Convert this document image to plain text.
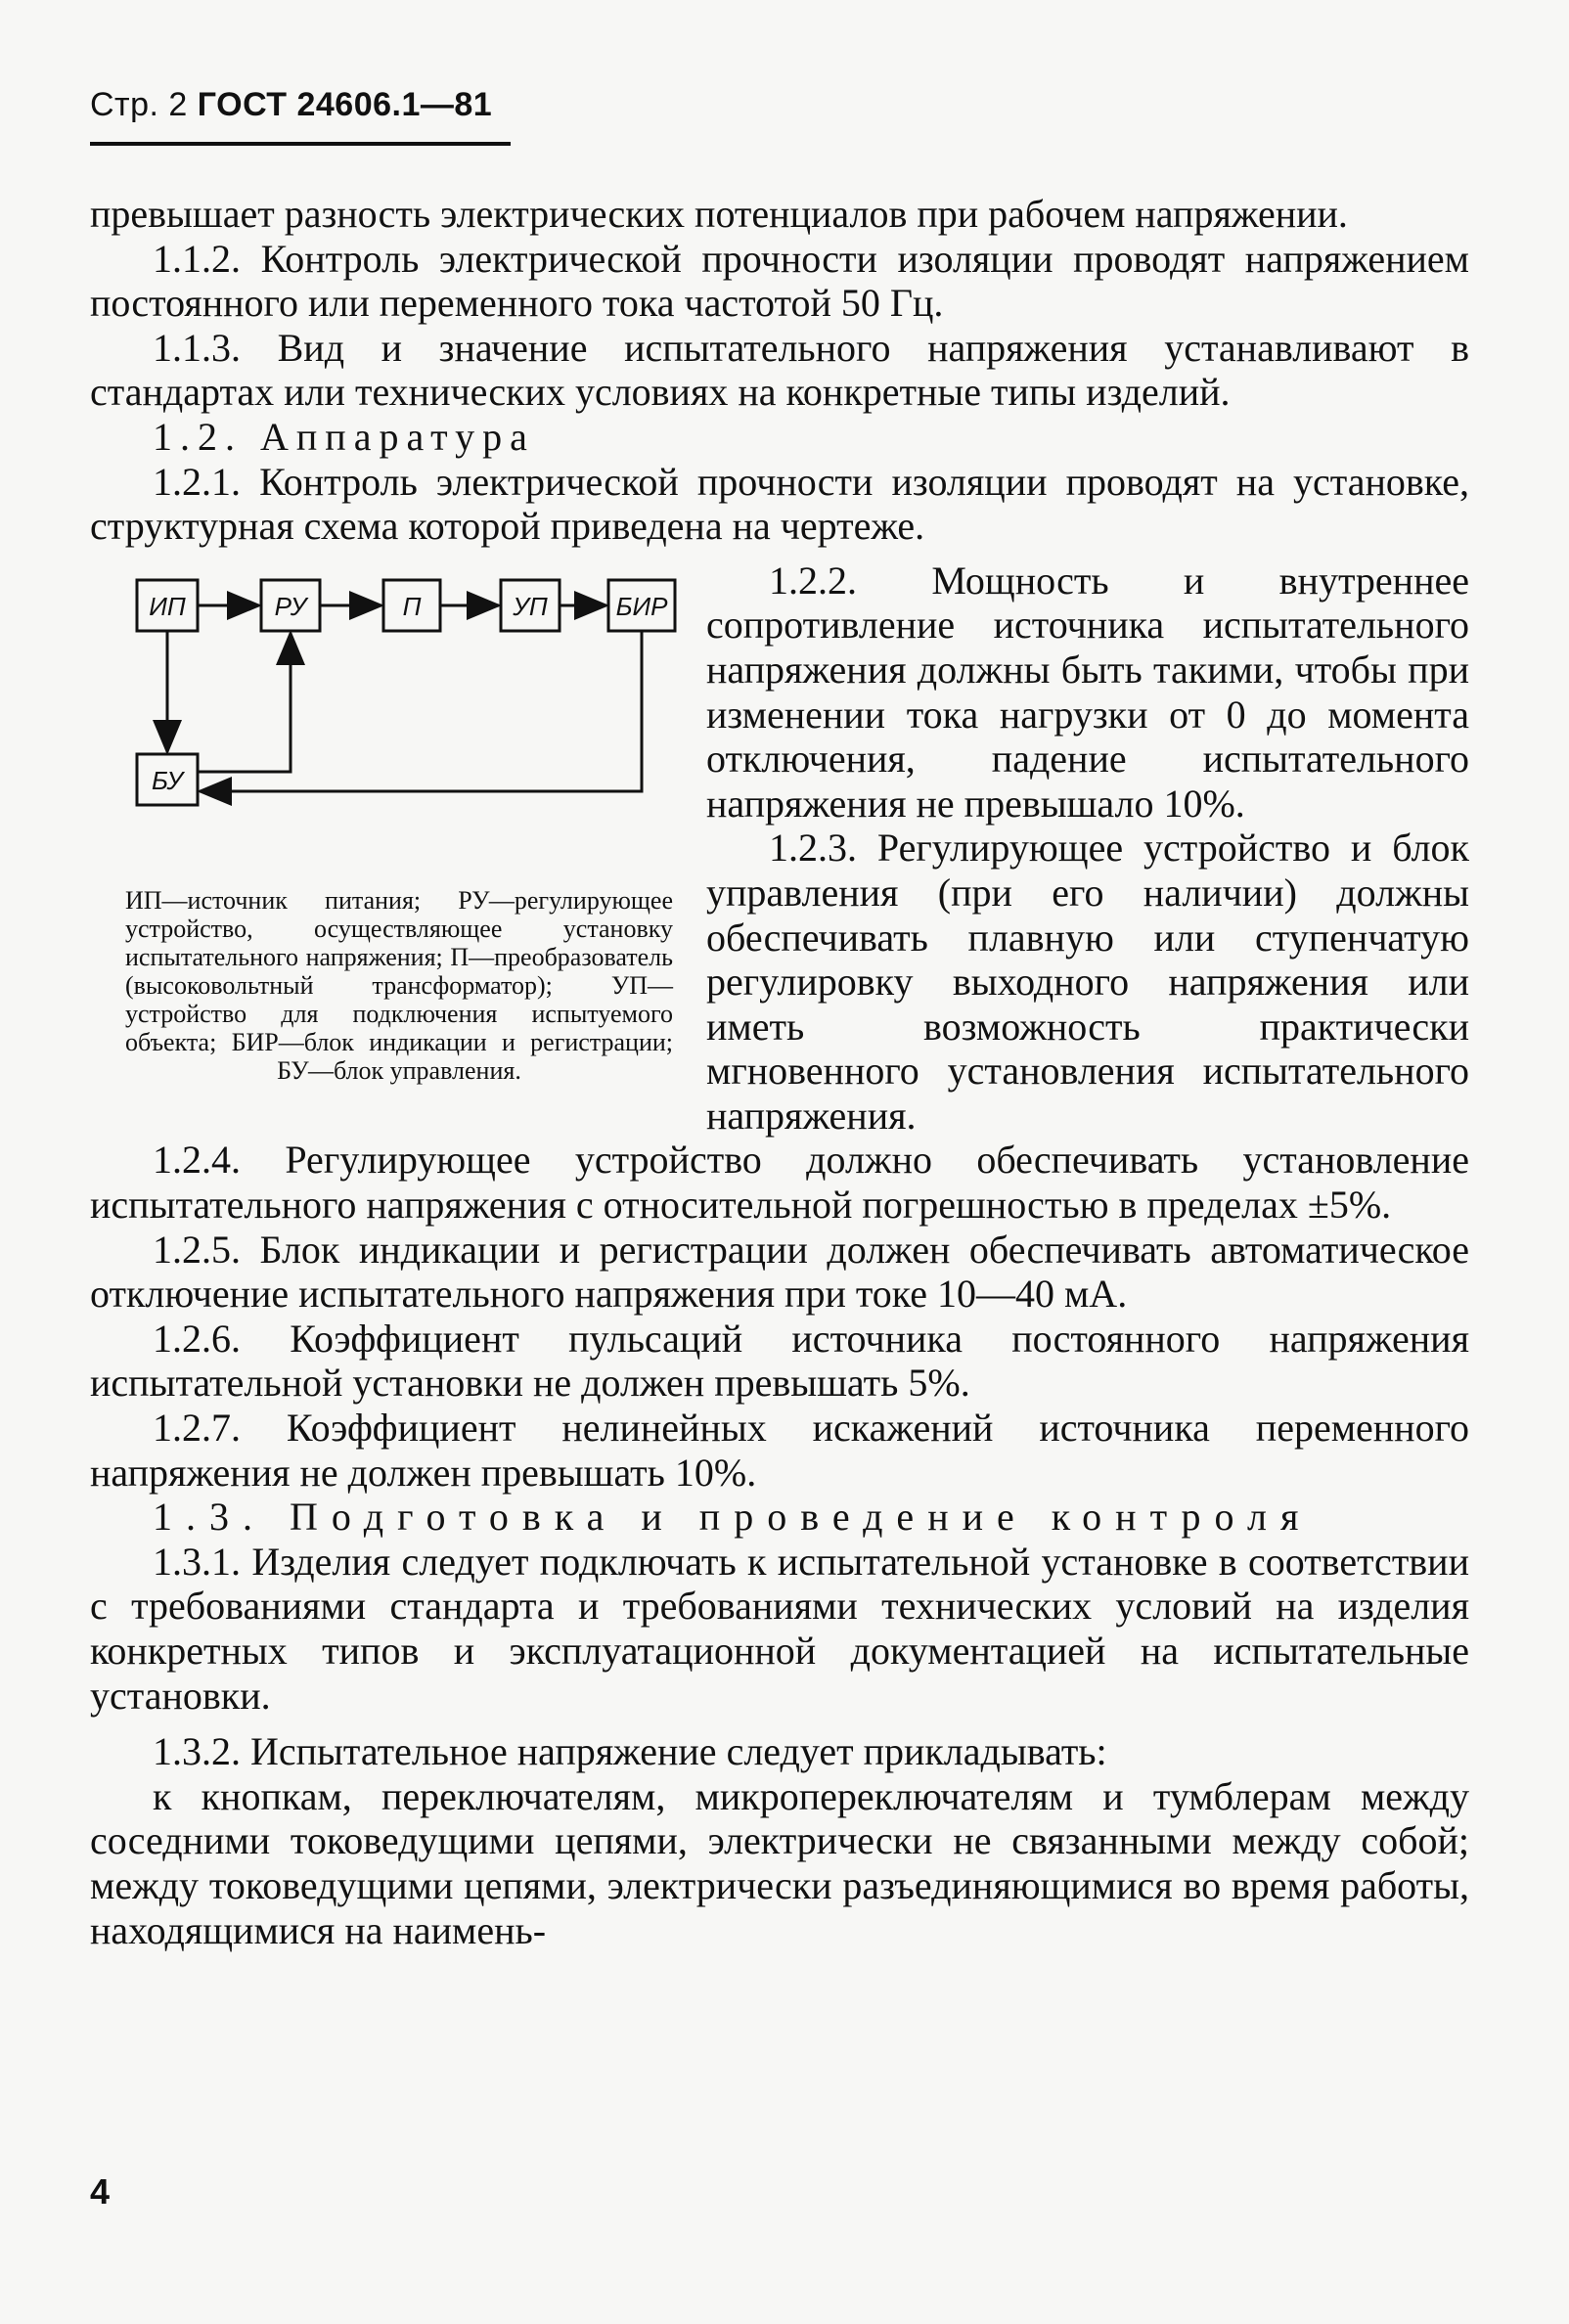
Стр. 2 ГОСТ 24606.1—81

превышает разность электрических потенциалов при рабочем напряжении.

1.1.2. Контроль электрической прочности изоляции проводят напряжением постоянного или переменного тока частотой 50 Гц.

1.1.3. Вид и значение испытательного напряжения устанавливают в стандартах или технических условиях на конкретные типы изделий.

1.2. Аппаратура

1.2.1. Контроль электрической прочности изоляции проводят на установке, структурная схема которой приведена на чертеже.

ИП	РУ	П	УП	БИР
БУ
ИП—источник питания; РУ—регулирующее устройство, осуществляющее установку испытательного напряжения; П—преобразователь (высоковольтный трансформатор); УП—устройство для подключения испытуемого объекта; БИР—блок индикации и регистрации; БУ—блок управления.

1.2.2. Мощность и внутреннее сопротивление источника испытательного напряжения должны быть такими, чтобы при изменении тока нагрузки от 0 до момента отключения, падение испытательного напряжения не превышало 10%.

1.2.3. Регулирующее устройство и блок управления (при его наличии) должны обеспечивать плавную или ступенчатую регулировку выходного напряжения или иметь возможность практически мгновенного установления испытательного напряжения.

1.2.4. Регулирующее устройство должно обеспечивать установление испытательного напряжения с относительной погрешностью в пределах ±5%.

1.2.5. Блок индикации и регистрации должен обеспечивать автоматическое отключение испытательного напряжения при токе 10—40 мА.

1.2.6. Коэффициент пульсаций источника постоянного напряжения испытательной установки не должен превышать 5%.

1.2.7. Коэффициент нелинейных искажений источника переменного напряжения не должен превышать 10%.

1.3. Подготовка и проведение контроля

1.3.1. Изделия следует подключать к испытательной установке в соответствии с требованиями стандарта и требованиями технических условий на изделия конкретных типов и эксплуатационной документацией на испытательные установки.

1.3.2. Испытательное напряжение следует прикладывать:

к кнопкам, переключателям, микропереключателям и тумблерам между соседними токоведущими цепями, электрически не связанными между собой; между токоведущими цепями, электрически разъединяющимися во время работы, находящимися на наимень-

4
